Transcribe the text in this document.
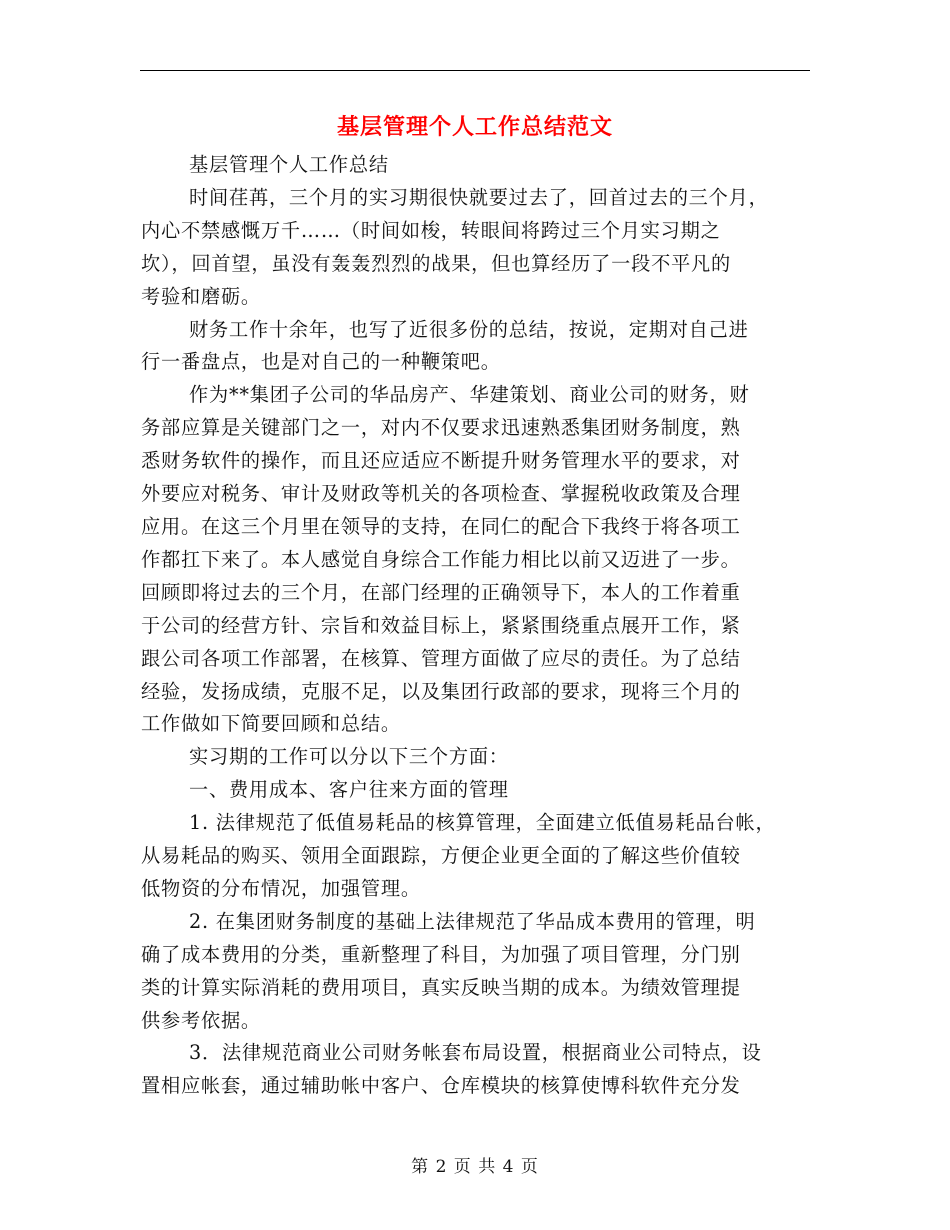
基层管理个人工作总结范文
基层管理个人工作总结
时间荏苒，三个月的实习期很快就要过去了，回首过去的三个月，
内心不禁感慨万千……（时间如梭，转眼间将跨过三个月实习期之
坎），回首望，虽没有轰轰烈烈的战果，但也算经历了一段不平凡的
考验和磨砺。
财务工作十余年，也写了近很多份的总结，按说，定期对自己进
行一番盘点，也是对自己的一种鞭策吧。
作为**集团子公司的华品房产、华建策划、商业公司的财务，财
务部应算是关键部门之一，对内不仅要求迅速熟悉集团财务制度，熟
悉财务软件的操作，而且还应适应不断提升财务管理水平的要求，对
外要应对税务、审计及财政等机关的各项检查、掌握税收政策及合理
应用。在这三个月里在领导的支持，在同仁的配合下我终于将各项工
作都扛下来了。本人感觉自身综合工作能力相比以前又迈进了一步。
回顾即将过去的三个月，在部门经理的正确领导下，本人的工作着重
于公司的经营方针、宗旨和效益目标上，紧紧围绕重点展开工作，紧
跟公司各项工作部署，在核算、管理方面做了应尽的责任。为了总结
经验，发扬成绩，克服不足，以及集团行政部的要求，现将三个月的
工作做如下简要回顾和总结。
实习期的工作可以分以下三个方面：
一、费用成本、客户往来方面的管理
1. 法律规范了低值易耗品的核算管理，全面建立低值易耗品台帐，
从易耗品的购买、领用全面跟踪，方便企业更全面的了解这些价值较
低物资的分布情况，加强管理。
2. 在集团财务制度的基础上法律规范了华品成本费用的管理，明
确了成本费用的分类，重新整理了科目，为加强了项目管理，分门别
类的计算实际消耗的费用项目，真实反映当期的成本。为绩效管理提
供参考依据。
3．法律规范商业公司财务帐套布局设置，根据商业公司特点，设
置相应帐套，通过辅助帐中客户、仓库模块的核算使博科软件充分发
第 2 页 共 4 页
